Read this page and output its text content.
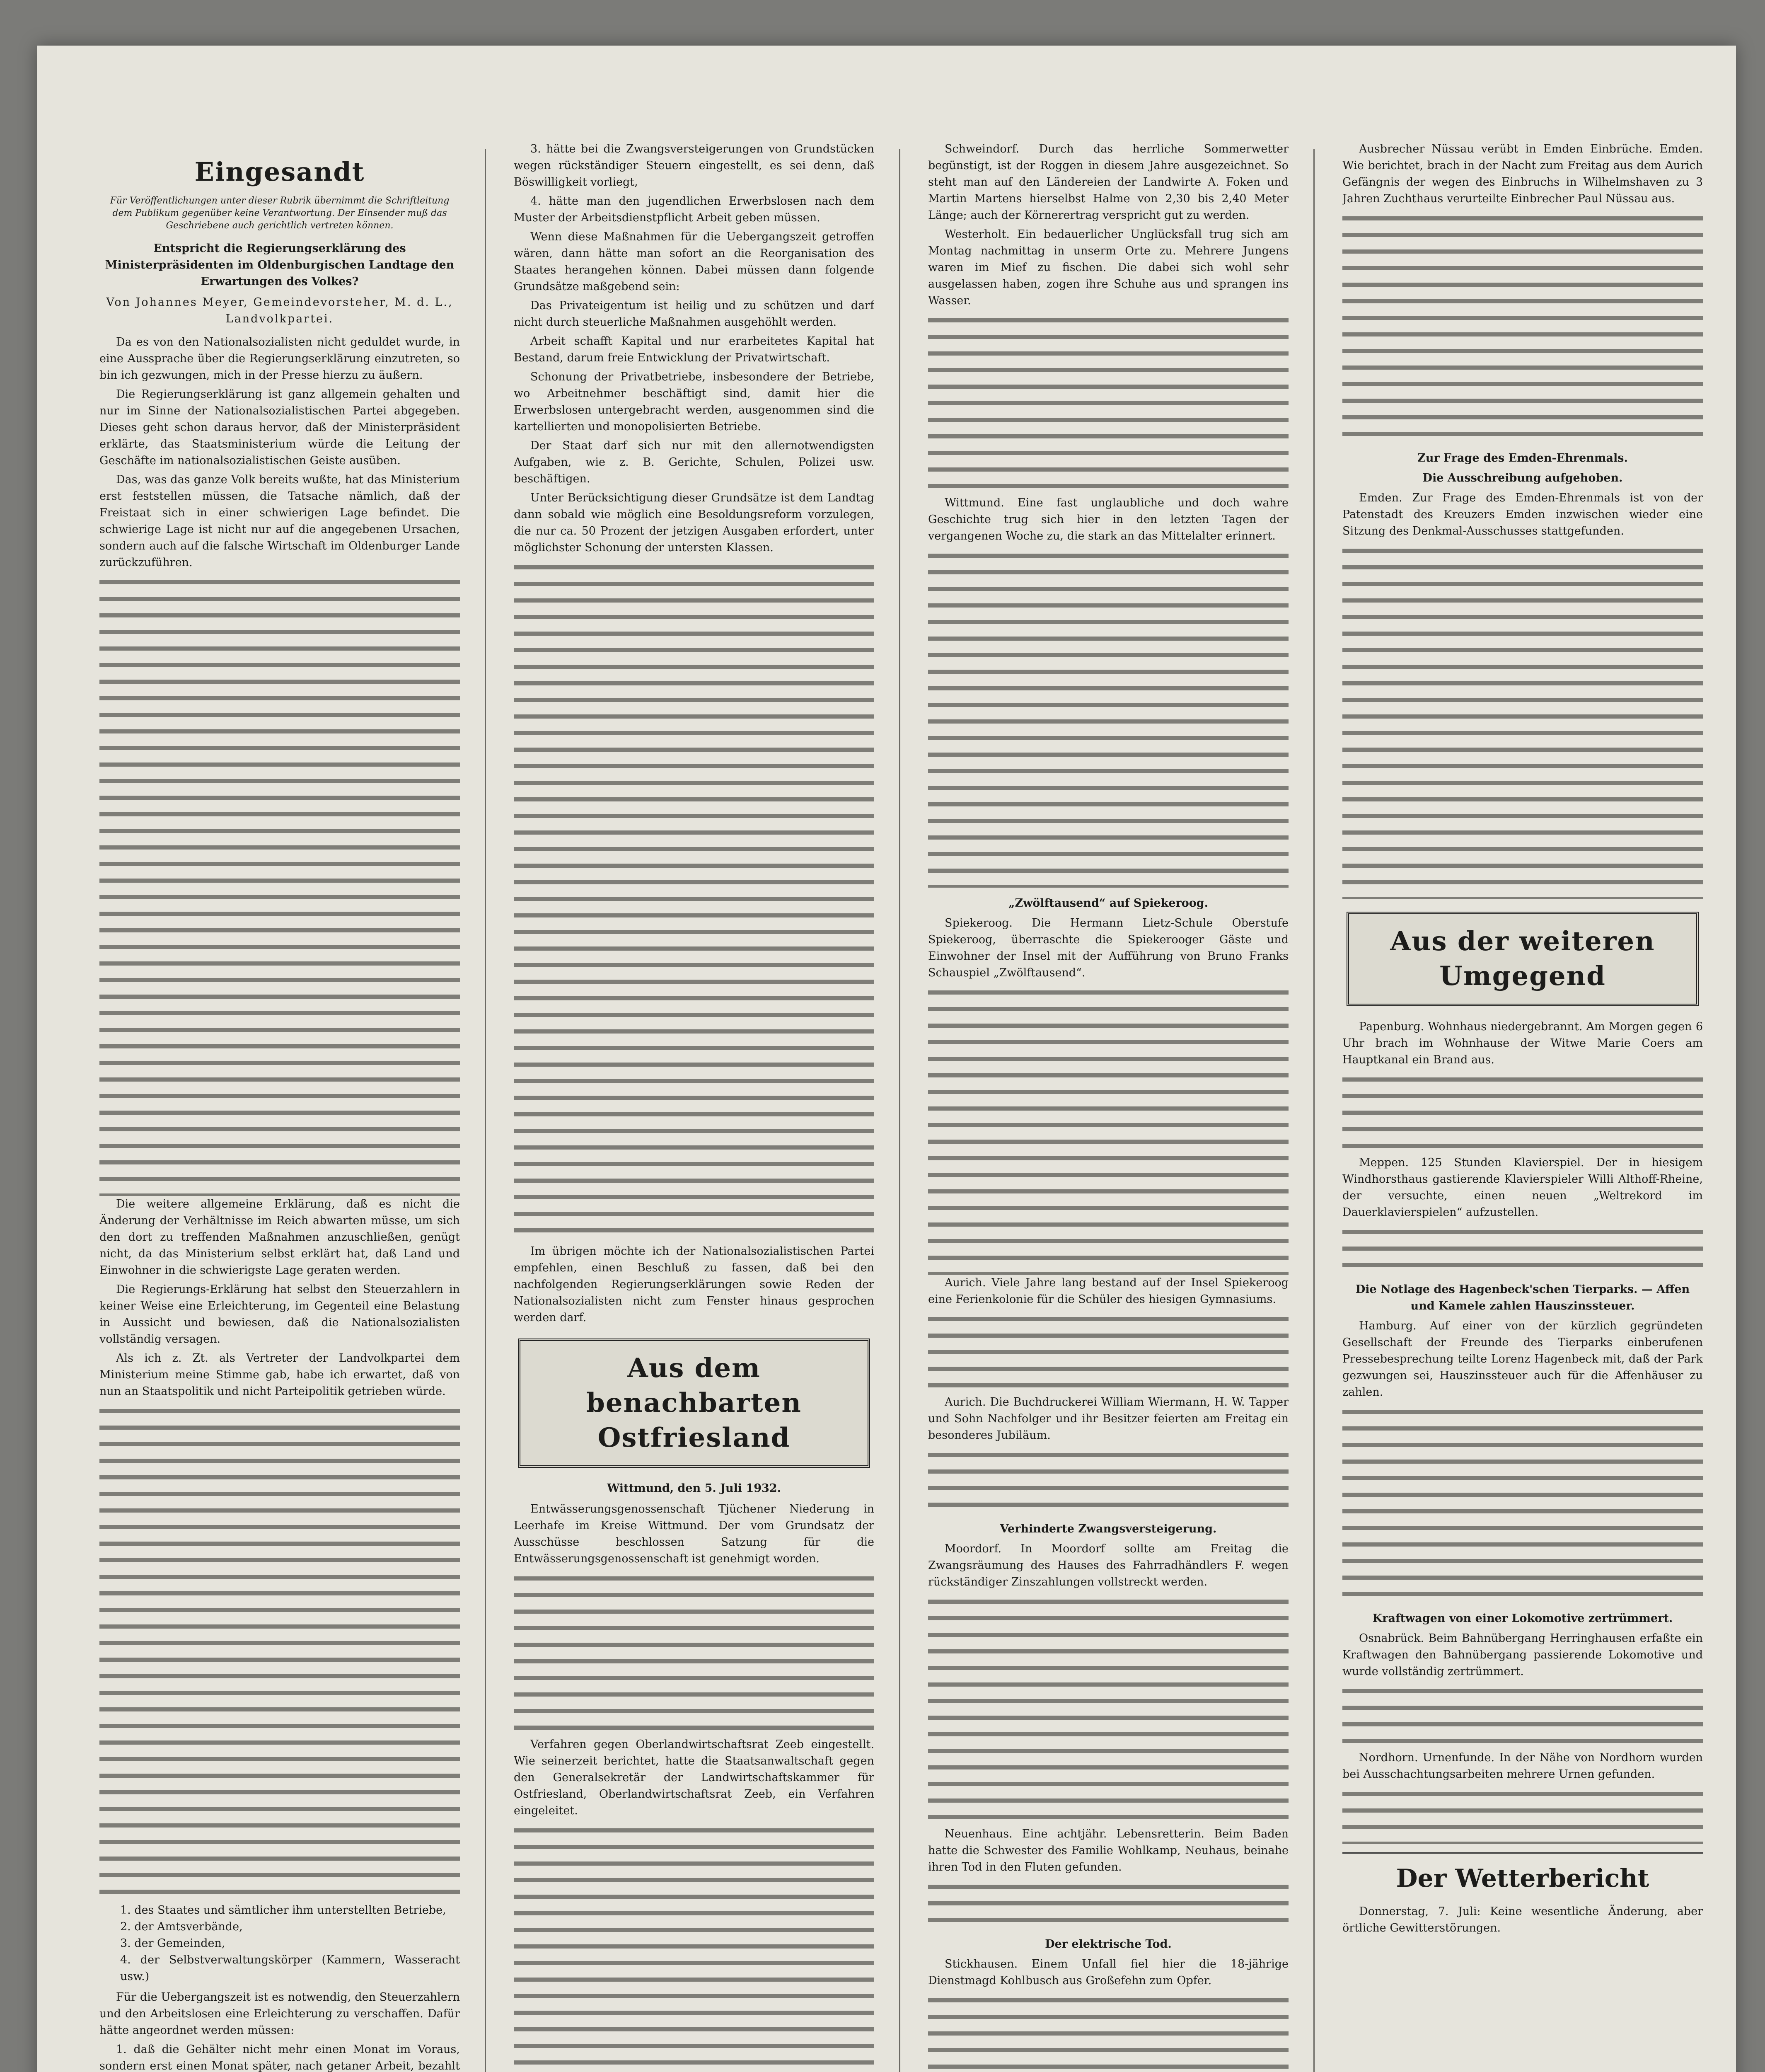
Eingesandt
Für Veröffentlichungen unter dieser Rubrik übernimmt die Schriftleitung dem Publikum gegenüber keine Verantwortung. Der Einsender muß das Geschriebene auch gerichtlich vertreten können.
Entspricht die Regierungserklärung des Ministerpräsidenten im Oldenburgischen Landtage den Erwartungen des Volkes?
Von Johannes Meyer, Gemeindevorsteher, M. d. L., Landvolkpartei.

Da es von den Nationalsozialisten nicht geduldet wurde, in eine Aussprache über die Regierungserklärung einzutreten, so bin ich gezwungen, mich in der Presse hierzu zu äußern.

Die Regierungserklärung ist ganz allgemein gehalten und nur im Sinne der Nationalsozialistischen Partei abgegeben. Dieses geht schon daraus hervor, daß der Ministerpräsident erklärte, das Staatsministerium würde die Leitung der Geschäfte im nationalsozialistischen Geiste ausüben.

Das, was das ganze Volk bereits wußte, hat das Ministerium erst feststellen müssen, die Tatsache nämlich, daß der Freistaat sich in einer schwierigen Lage befindet. Die schwierige Lage ist nicht nur auf die angegebenen Ursachen, sondern auch auf die falsche Wirtschaft im Oldenburger Lande zurückzuführen.

Die weitere allgemeine Erklärung, daß es nicht die Änderung der Verhältnisse im Reich abwarten müsse, um sich den dort zu treffenden Maßnahmen anzuschließen, genügt nicht, da das Ministerium selbst erklärt hat, daß Land und Einwohner in die schwierigste Lage geraten werden.

Die Regierungs-Erklärung hat selbst den Steuerzahlern in keiner Weise eine Erleichterung, im Gegenteil eine Belastung in Aussicht und bewiesen, daß die Nationalsozialisten vollständig versagen.

Als ich z. Zt. als Vertreter der Landvolkpartei dem Ministerium meine Stimme gab, habe ich erwartet, daß von nun an Staatspolitik und nicht Parteipolitik getrieben würde.

1. des Staates und sämtlicher ihm unterstellten Betriebe,
2. der Amtsverbände,
3. der Gemeinden,
4. der Selbstverwaltungskörper (Kammern, Wasseracht usw.)

Für die Uebergangszeit ist es notwendig, den Steuerzahlern und den Arbeitslosen eine Erleichterung zu verschaffen. Dafür hätte angeordnet werden müssen:

1. daß die Gehälter nicht mehr einen Monat im Voraus, sondern erst einen Monat später, nach getaner Arbeit, bezahlt

3. hätte bei die Zwangsversteigerungen von Grundstücken wegen rückständiger Steuern eingestellt, es sei denn, daß Böswilligkeit vorliegt,

4. hätte man den jugendlichen Erwerbslosen nach dem Muster der Arbeitsdienstpflicht Arbeit geben müssen.

Wenn diese Maßnahmen für die Uebergangszeit getroffen wären, dann hätte man sofort an die Reorganisation des Staates herangehen können. Dabei müssen dann folgende Grundsätze maßgebend sein:

Das Privateigentum ist heilig und zu schützen und darf nicht durch steuerliche Maßnahmen ausgehöhlt werden.

Arbeit schafft Kapital und nur erarbeitetes Kapital hat Bestand, darum freie Entwicklung der Privatwirtschaft.

Schonung der Privatbetriebe, insbesondere der Betriebe, wo Arbeitnehmer beschäftigt sind, damit hier die Erwerbslosen untergebracht werden, ausgenommen sind die kartellierten und monopolisierten Betriebe.

Der Staat darf sich nur mit den allernotwendigsten Aufgaben, wie z. B. Gerichte, Schulen, Polizei usw. beschäftigen.

Unter Berücksichtigung dieser Grundsätze ist dem Landtag dann sobald wie möglich eine Besoldungsreform vorzulegen, die nur ca. 50 Prozent der jetzigen Ausgaben erfordert, unter möglichster Schonung der untersten Klassen.

Im übrigen möchte ich der Nationalsozialistischen Partei empfehlen, einen Beschluß zu fassen, daß bei den nachfolgenden Regierungserklärungen sowie Reden der Nationalsozialisten nicht zum Fenster hinaus gesprochen werden darf.

Aus dem benachbarten Ostfriesland
Wittmund, den 5. Juli 1932.

Entwässerungsgenossenschaft Tjüchener Niederung in Leerhafe im Kreise Wittmund. Der vom Grundsatz der Ausschüsse beschlossen Satzung für die Entwässerungsgenossenschaft ist genehmigt worden.

Verfahren gegen Oberlandwirtschaftsrat Zeeb eingestellt. Wie seinerzeit berichtet, hatte die Staatsanwaltschaft gegen den Generalsekretär der Landwirtschaftskammer für Ostfriesland, Oberlandwirtschaftsrat Zeeb, ein Verfahren eingeleitet.

Schweindorf. Durch das herrliche Sommerwetter begünstigt, ist der Roggen in diesem Jahre ausgezeichnet. So steht man auf den Ländereien der Landwirte A. Foken und Martin Martens hierselbst Halme von 2,30 bis 2,40 Meter Länge; auch der Körnerertrag verspricht gut zu werden.

Westerholt. Ein bedauerlicher Unglücksfall trug sich am Montag nachmittag in unserm Orte zu. Mehrere Jungens waren im Mief zu fischen. Die dabei sich wohl sehr ausgelassen haben, zogen ihre Schuhe aus und sprangen ins Wasser.

Wittmund. Eine fast unglaubliche und doch wahre Geschichte trug sich hier in den letzten Tagen der vergangenen Woche zu, die stark an das Mittelalter erinnert.

„Zwölftausend“ auf Spiekeroog.

Spiekeroog. Die Hermann Lietz-Schule Oberstufe Spiekeroog, überraschte die Spiekerooger Gäste und Einwohner der Insel mit der Aufführung von Bruno Franks Schauspiel „Zwölftausend“.

Aurich. Viele Jahre lang bestand auf der Insel Spiekeroog eine Ferienkolonie für die Schüler des hiesigen Gymnasiums.

Aurich. Die Buchdruckerei William Wiermann, H. W. Tapper und Sohn Nachfolger und ihr Besitzer feierten am Freitag ein besonderes Jubiläum.

Verhinderte Zwangsversteigerung.

Moordorf. In Moordorf sollte am Freitag die Zwangsräumung des Hauses des Fahrradhändlers F. wegen rückständiger Zinszahlungen vollstreckt werden.

Neuenhaus. Eine achtjähr. Lebensretterin. Beim Baden hatte die Schwester des Familie Wohlkamp, Neuhaus, beinahe ihren Tod in den Fluten gefunden.

Der elektrische Tod.

Stickhausen. Einem Unfall fiel hier die 18-jährige Dienstmagd Kohlbusch aus Großefehn zum Opfer.

Ausbrecher Nüssau verübt in Emden Einbrüche. Emden. Wie berichtet, brach in der Nacht zum Freitag aus dem Aurich Gefängnis der wegen des Einbruchs in Wilhelmshaven zu 3 Jahren Zuchthaus verurteilte Einbrecher Paul Nüssau aus.

Zur Frage des Emden-Ehrenmals.
Die Ausschreibung aufgehoben.

Emden. Zur Frage des Emden-Ehrenmals ist von der Patenstadt des Kreuzers Emden inzwischen wieder eine Sitzung des Denkmal-Ausschusses stattgefunden.

Aus der weiteren Umgegend

Papenburg. Wohnhaus niedergebrannt. Am Morgen gegen 6 Uhr brach im Wohnhause der Witwe Marie Coers am Hauptkanal ein Brand aus.

Meppen. 125 Stunden Klavierspiel. Der in hiesigem Windhorsthaus gastierende Klavierspieler Willi Althoff-Rheine, der versuchte, einen neuen „Weltrekord im Dauerklavierspielen“ aufzustellen.

Die Notlage des Hagenbeck'schen Tierparks. — Affen und Kamele zahlen Hauszinssteuer.

Hamburg. Auf einer von der kürzlich gegründeten Gesellschaft der Freunde des Tierparks einberufenen Pressebesprechung teilte Lorenz Hagenbeck mit, daß der Park gezwungen sei, Hauszinssteuer auch für die Affenhäuser zu zahlen.

Kraftwagen von einer Lokomotive zertrümmert.

Osnabrück. Beim Bahnübergang Herringhausen erfaßte ein Kraftwagen den Bahnübergang passierende Lokomotive und wurde vollständig zertrümmert.

Nordhorn. Urnenfunde. In der Nähe von Nordhorn wurden bei Ausschachtungsarbeiten mehrere Urnen gefunden.

Der Wetterbericht

Donnerstag, 7. Juli: Keine wesentliche Änderung, aber örtliche Gewitterstörungen.
